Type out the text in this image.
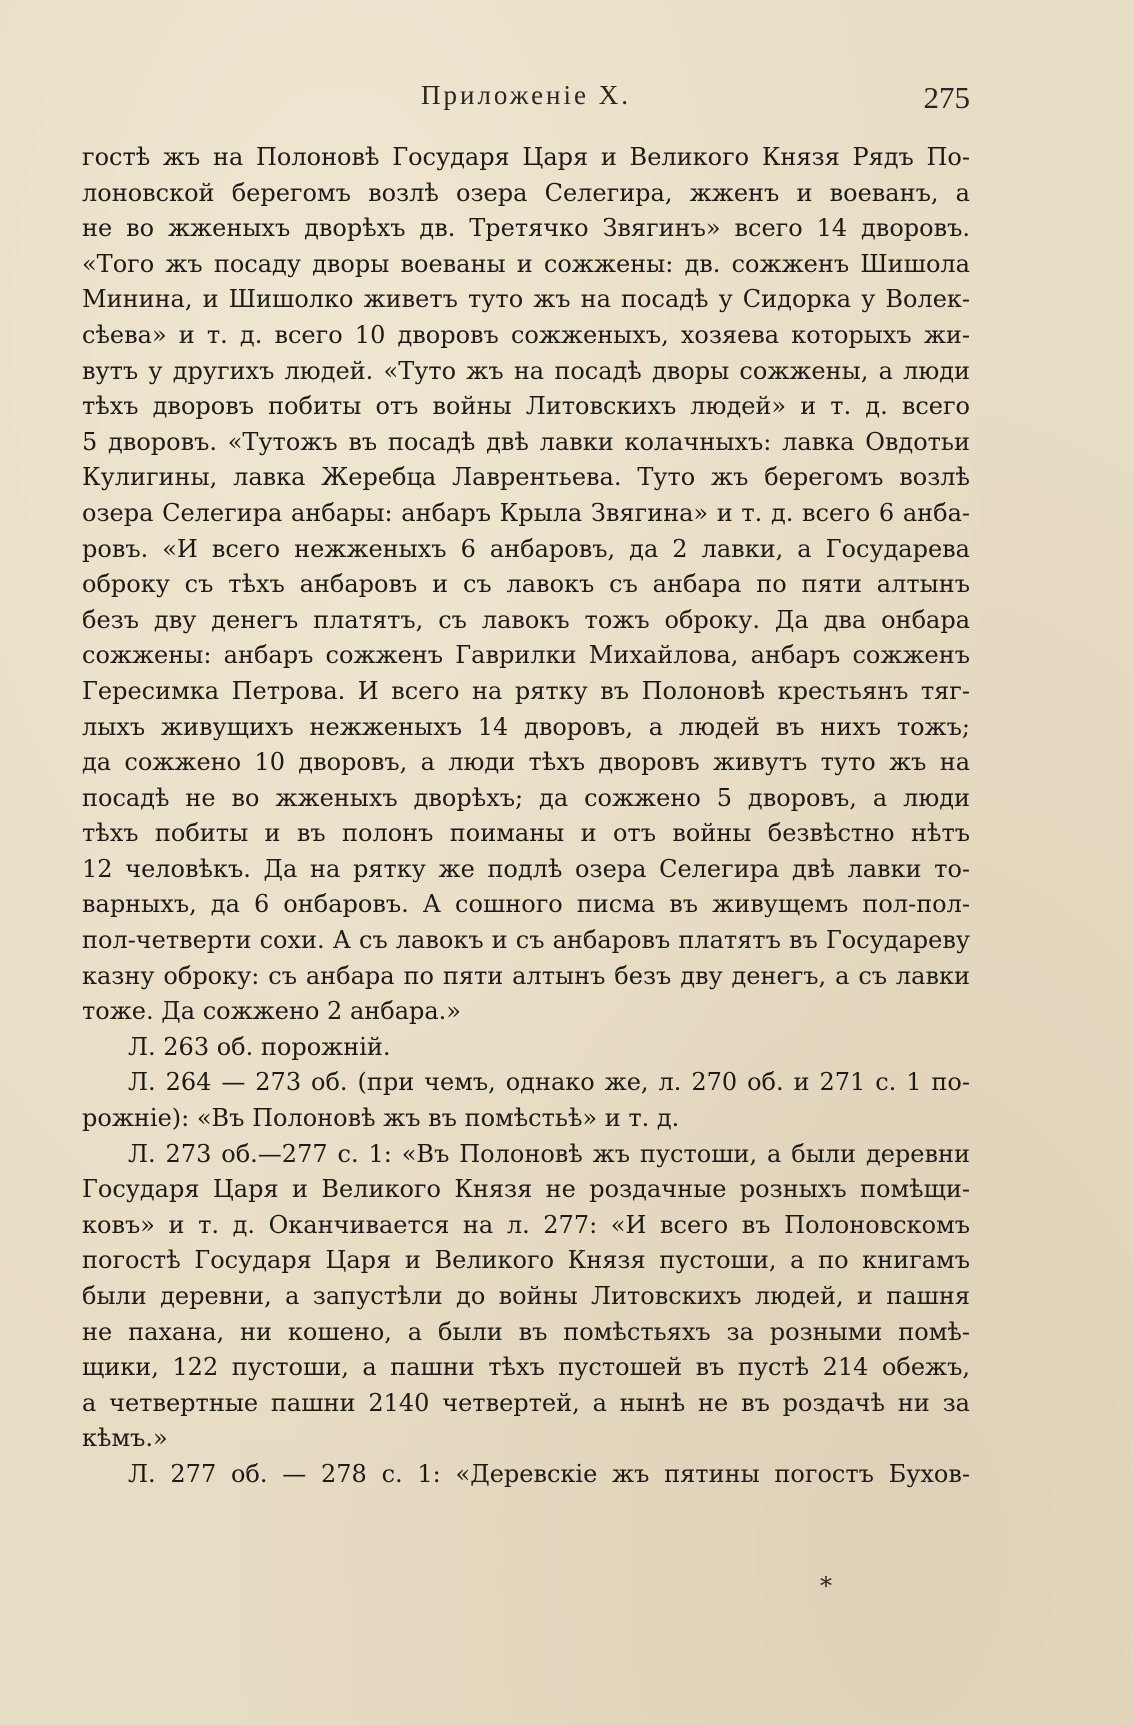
Приложеніе X.	275
гостѣ жъ на Полоновѣ Государя Царя и Великого Князя Рядъ По-
лоновской берегомъ возлѣ озера Селегира, жженъ и воеванъ, а
не во жженыхъ дворѣхъ дв. Третячко Звягинъ» всего 14 дворовъ.
«Того жъ посаду дворы воеваны и сожжены: дв. сожженъ Шишола
Минина, и Шишолко живетъ туто жъ на посадѣ у Сидорка у Волек-
сѣева» и т. д. всего 10 дворовъ сожженыхъ, хозяева которыхъ жи-
вутъ у другихъ людей. «Туто жъ на посадѣ дворы сожжены, а люди
тѣхъ дворовъ побиты отъ войны Литовскихъ людей» и т. д. всего
5 дворовъ. «Тутожъ въ посадѣ двѣ лавки колачныхъ: лавка Овдотьи
Кулигины, лавка Жеребца Лаврентьева. Туто жъ берегомъ возлѣ
озера Селегира анбары: анбаръ Крыла Звягина» и т. д. всего 6 анба-
ровъ. «И всего нежженыхъ 6 анбаровъ, да 2 лавки, а Государева
оброку съ тѣхъ анбаровъ и съ лавокъ съ анбара по пяти алтынъ
безъ дву денегъ платятъ, съ лавокъ тожъ оброку. Да два онбара
сожжены: анбаръ сожженъ Гаврилки Михайлова, анбаръ сожженъ
Гересимка Петрова. И всего на рятку въ Полоновѣ крестьянъ тяг-
лыхъ живущихъ нежженыхъ 14 дворовъ, а людей въ нихъ тожъ;
да сожжено 10 дворовъ, а люди тѣхъ дворовъ живутъ туто жъ на
посадѣ не во жженыхъ дворѣхъ; да сожжено 5 дворовъ, а люди
тѣхъ побиты и въ полонъ поиманы и отъ войны безвѣстно нѣтъ
12 человѣкъ. Да на рятку же подлѣ озера Селегира двѣ лавки то-
варныхъ, да 6 онбаровъ. А сошного писма въ живущемъ пол-пол-
пол-четверти сохи. А съ лавокъ и съ анбаровъ платятъ въ Государеву
казну оброку: съ анбара по пяти алтынъ безъ дву денегъ, а съ лавки
тоже. Да сожжено 2 анбара.»
Л. 263 об. порожній.
Л. 264 — 273 об. (при чемъ, однако же, л. 270 об. и 271 с. 1 по-
рожніе): «Въ Полоновѣ жъ въ помѣстьѣ» и т. д.
Л. 273 об.—277 с. 1: «Въ Полоновѣ жъ пустоши, а были деревни
Государя Царя и Великого Князя не роздачные розныхъ помѣщи-
ковъ» и т. д. Оканчивается на л. 277: «И всего въ Полоновскомъ
погостѣ Государя Царя и Великого Князя пустоши, а по книгамъ
были деревни, а запустѣли до войны Литовскихъ людей, и пашня
не пахана, ни кошено, а были въ помѣстьяхъ за розными помѣ-
щики, 122 пустоши, а пашни тѣхъ пустошей въ пустѣ 214 обежъ,
а четвертные пашни 2140 четвертей, а нынѣ не въ роздачѣ ни за
кѣмъ.»
Л. 277 об. — 278 с. 1: «Деревскіе жъ пятины погостъ Бухов-
*
